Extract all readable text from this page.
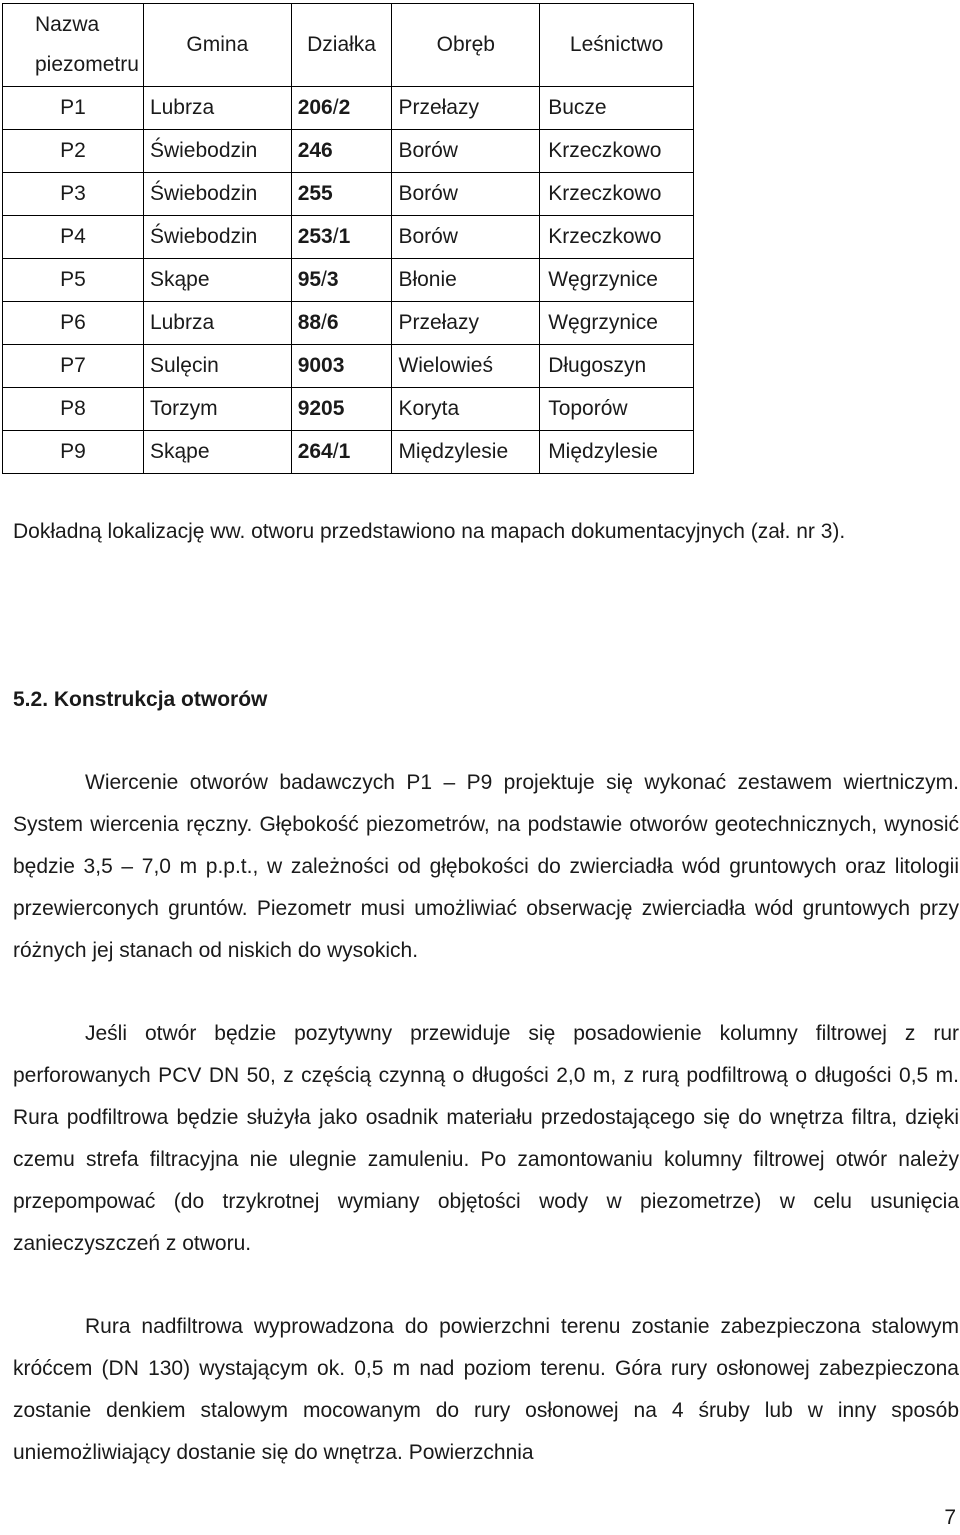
Nazwa piezometru	Gmina	Działka	Obręb	Leśnictwo
P1	Lubrza	206/2	Przełazy	Bucze
P2	Świebodzin	246	Borów	Krzeczkowo
P3	Świebodzin	255	Borów	Krzeczkowo
P4	Świebodzin	253/1	Borów	Krzeczkowo
P5	Skąpe	95/3	Błonie	Węgrzynice
P6	Lubrza	88/6	Przełazy	Węgrzynice
P7	Sulęcin	9003	Wielowieś	Długoszyn
P8	Torzym	9205	Koryta	Toporów
P9	Skąpe	264/1	Międzylesie	Międzylesie

Dokładną lokalizację ww. otworu przedstawiono na mapach dokumentacyjnych (zał. nr 3).

5.2. Konstrukcja otworów

Wiercenie otworów badawczych P1 – P9 projektuje się wykonać zestawem wiertniczym. System wiercenia ręczny. Głębokość piezometrów, na podstawie otworów geotechnicznych, wynosić będzie 3,5 – 7,0 m p.p.t., w zależności od głębokości do zwierciadła wód gruntowych oraz litologii przewierconych gruntów. Piezometr musi umożliwiać obserwację zwierciadła wód gruntowych przy różnych jej stanach od niskich do wysokich.

Jeśli otwór będzie pozytywny przewiduje się posadowienie kolumny filtrowej z rur perforowanych PCV DN 50, z częścią czynną o długości 2,0 m, z rurą podfiltrową o długości 0,5 m. Rura podfiltrowa będzie służyła jako osadnik materiału przedostającego się do wnętrza filtra, dzięki czemu strefa filtracyjna nie ulegnie zamuleniu. Po zamontowaniu kolumny filtrowej otwór należy przepompować (do trzykrotnej wymiany objętości wody w piezometrze) w celu usunięcia zanieczyszczeń z otworu.

Rura nadfiltrowa wyprowadzona do powierzchni terenu zostanie zabezpieczona stalowym króćcem (DN 130) wystającym ok. 0,5 m nad poziom terenu. Góra rury osłonowej zabezpieczona zostanie denkiem stalowym mocowanym do rury osłonowej na 4 śruby lub w inny sposób uniemożliwiający dostanie się do wnętrza. Powierzchnia

7
